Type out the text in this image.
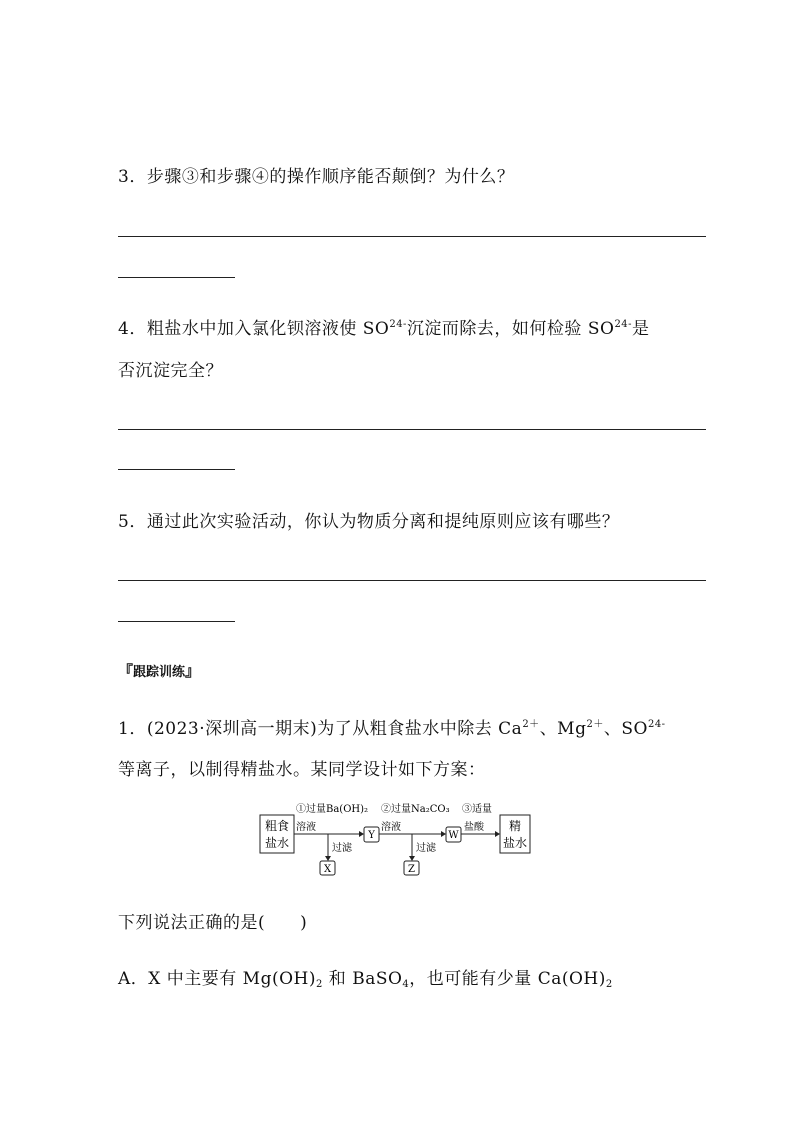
3．步骤③和步骤④的操作顺序能否颠倒？为什么？
4．粗盐水中加入氯化钡溶液使 $SO^{24-}$沉淀而除去，如何检验 $SO^{24-}$是
否沉淀完全？
5．通过此次实验活动，你认为物质分离和提纯原则应该有哪些？
『跟踪训练』
1．(2023·深圳高一期末)为了从粗食盐水中除去 $Ca^{2+}$、$Mg^{2+}$、$SO^{24-}$
等离子，以制得精盐水。某同学设计如下方案：
粗食
盐水
①过量Ba(OH)₂
溶液
过滤
X
Y
②过量Na₂CO₃
溶液
过滤
Z
W
③适量
盐酸 精
盐水
下列说法正确的是(　　)
A．X 中主要有 Mg(OH)2 和 BaSO4，也可能有少量 Ca(OH)2
